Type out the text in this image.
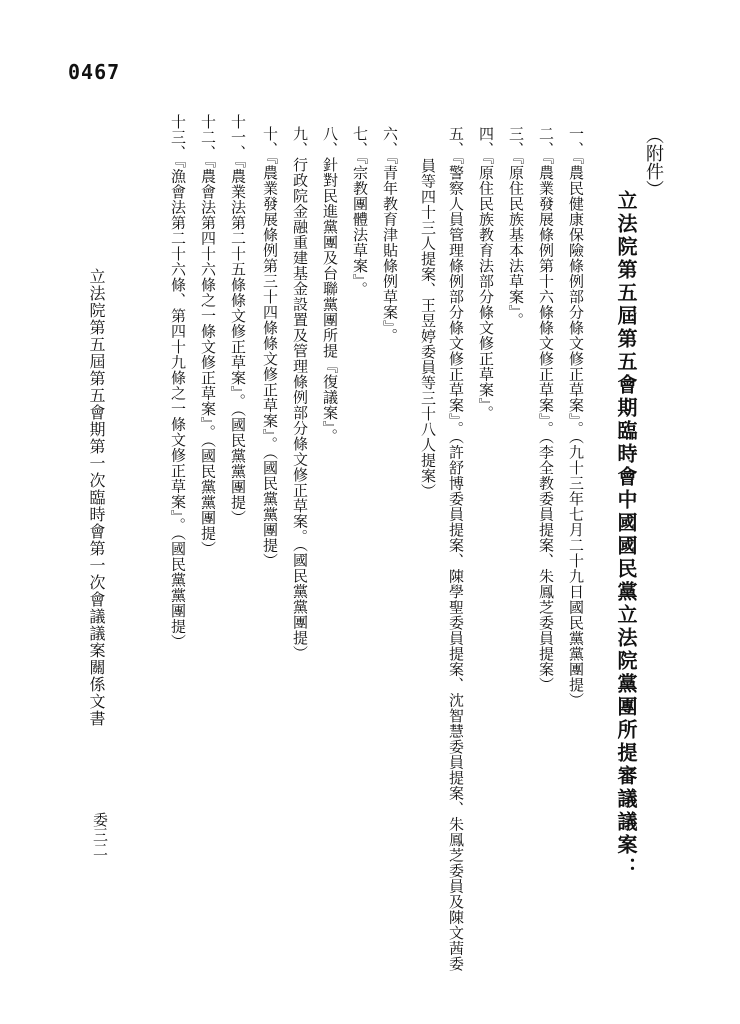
0467
（附件）
立法院第五屆第五會期臨時會中國國民黨立法院黨團所提審議議案：
一、『農民健康保險條例部分條文修正草案』。（九十三年七月二十九日國民黨黨團提）
二、『農業發展條例第十六條條文修正草案』。（李全教委員提案、朱鳳芝委員提案）
三、『原住民族基本法草案』。
四、『原住民族教育法部分條文修正草案』。
五、『警察人員管理條例部分條文修正草案』。（許舒博委員提案、陳學聖委員提案、沈智慧委員提案、朱鳳芝委員及陳文茜委
員等四十三人提案、王昱婷委員等三十八人提案）
六、『青年教育津貼條例草案』。
七、『宗教團體法草案』。
八、針對民進黨團及台聯黨團所提『復議案』。
九、行政院金融重建基金設置及管理條例部分條文修正草案。（國民黨黨團提）
十、『農業發展條例第三十四條條文修正草案』。（國民黨黨團提）
十一、『農業法第二十五條條文修正草案』。（國民黨黨團提）
十二、『農會法第四十六條之一條文修正草案』。（國民黨黨團提）
十三、『漁會法第二十六條、第四十九條之一條文修正草案』。（國民黨黨團提）
立法院第五屆第五會期第一次臨時會第一次會議議案關係文書
委三二
